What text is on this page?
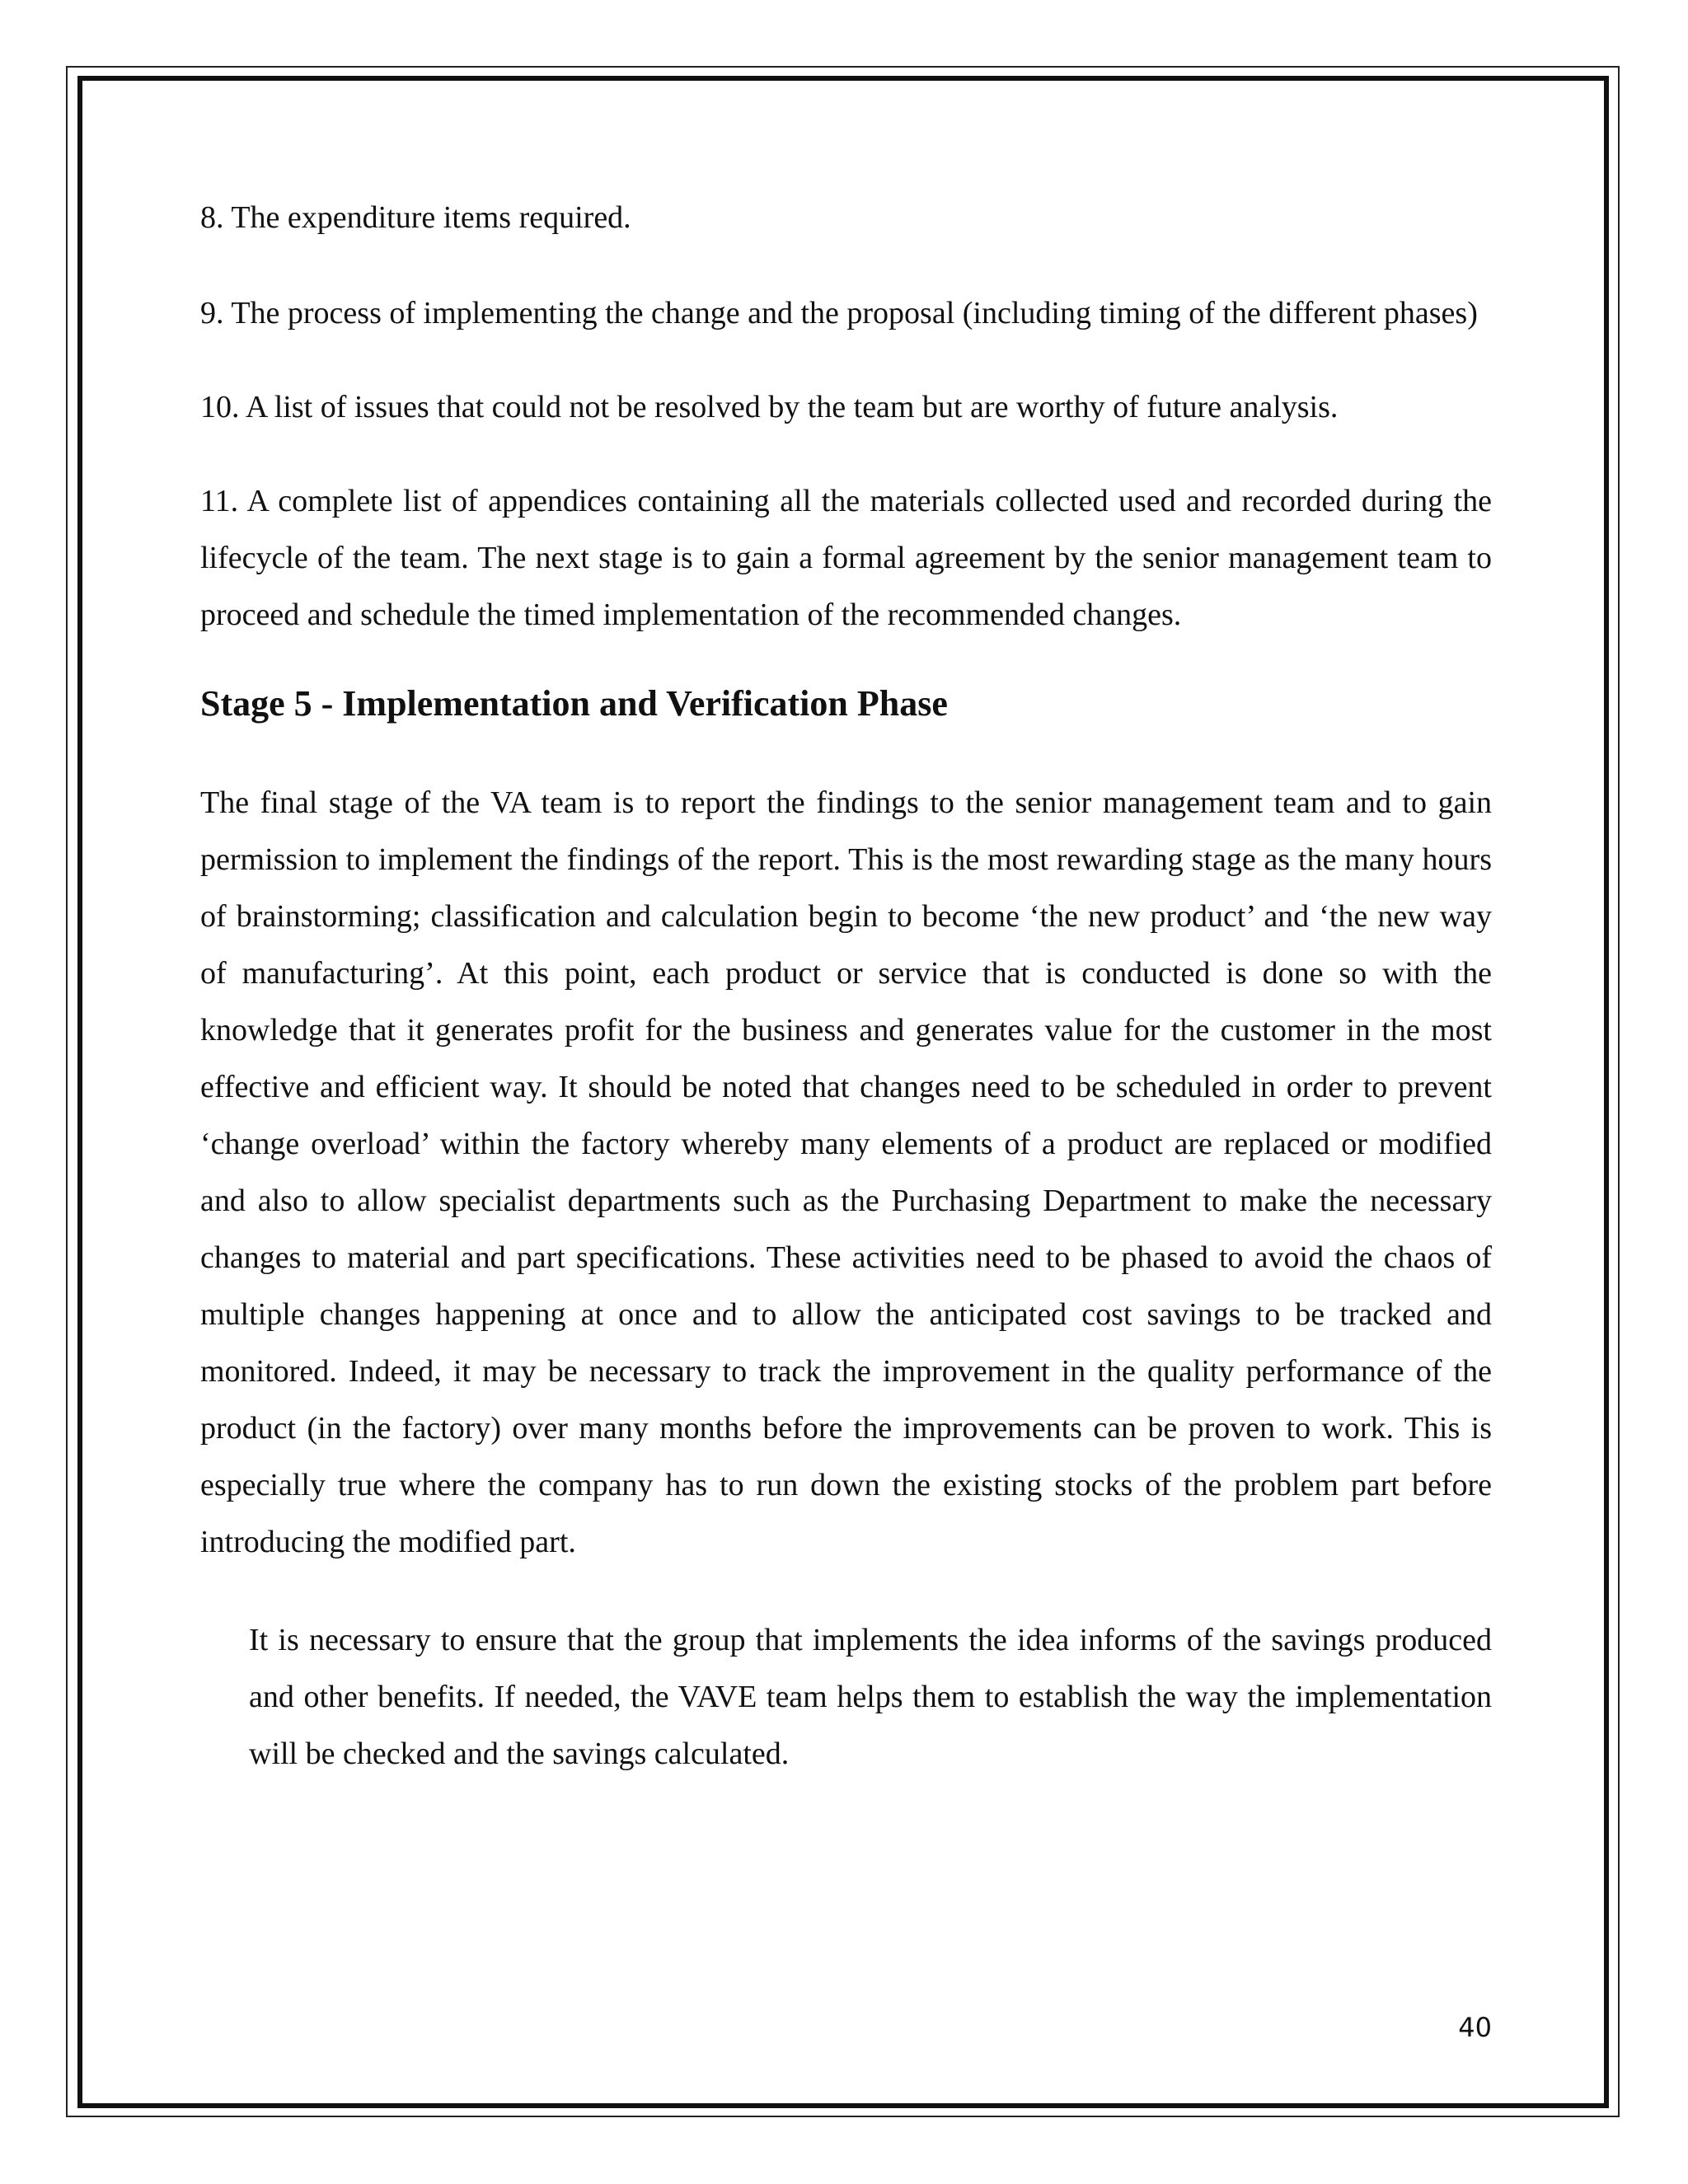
8. The expenditure items required.

9. The process of implementing the change and the proposal (including timing of the different phases)

10. A list of issues that could not be resolved by the team but are worthy of future analysis.

11. A complete list of appendices containing all the materials collected used and recorded during the lifecycle of the team. The next stage is to gain a formal agreement by the senior management team to proceed and schedule the timed implementation of the recommended changes.

Stage 5 - Implementation and Verification Phase

The final stage of the VA team is to report the findings to the senior management team and to gain permission to implement the findings of the report. This is the most rewarding stage as the many hours of brainstorming; classification and calculation begin to become ‘the new product’ and ‘the new way of manufacturing’. At this point, each product or service that is conducted is done so with the knowledge that it generates profit for the business and generates value for the customer in the most effective and efficient way. It should be noted that changes need to be scheduled in order to prevent ‘change overload’ within the factory whereby many elements of a product are replaced or modified and also to allow specialist departments such as the Purchasing Department to make the necessary changes to material and part specifications. These activities need to be phased to avoid the chaos of multiple changes happening at once and to allow the anticipated cost savings to be tracked and monitored. Indeed, it may be necessary to track the improvement in the quality performance of the product (in the factory) over many months before the improvements can be proven to work. This is especially true where the company has to run down the existing stocks of the problem part before introducing the modified part.

It is necessary to ensure that the group that implements the idea informs of the savings produced and other benefits. If needed, the VAVE team helps them to establish the way the implementation will be checked and the savings calculated.

40
